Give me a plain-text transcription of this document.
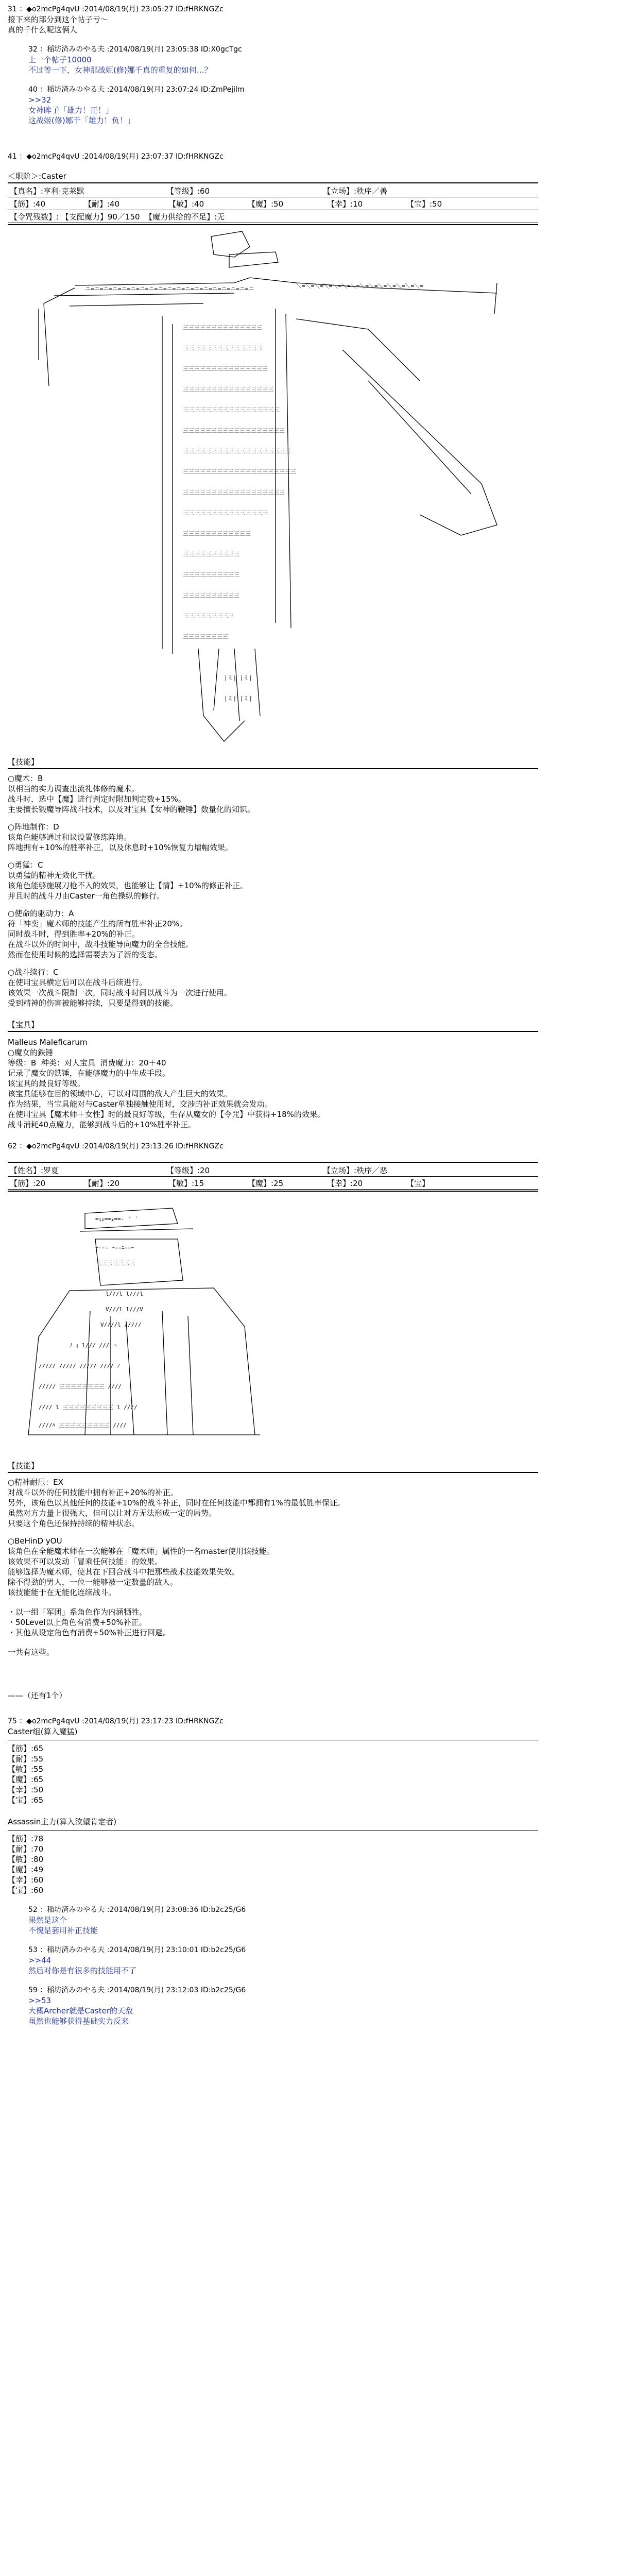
31 ：◆o2mcPg4qvU :2014/08/19(月) 23:05:27 ID:fHRKNGZc
接下来的部分到这个帖子亏～
真的千什么呢这俩人
32 ：稲坊済みのやる夫 :2014/08/19(月) 23:05:38 ID:X0gcTgc
上一个帖子10000
不过等一下，女神那战姬(修)娜千真的重复的如何…？
40 ：稲坊済みのやる夫 :2014/08/19(月) 23:07:24 ID:ZmPejilm
>>32
女神眸子「雄力！正！」
这战姬(修)娜千「雄力！负！」
41 ：◆o2mcPg4qvU :2014/08/19(月) 23:07:37 ID:fHRKNGZc
＜职阶＞:Caster
【真名】:亨利·克莱默	【等级】:60	【立场】:秩序／善
【筋】:40	【耐】:40	【敏】:40	【魔】:50	【幸】:10	【宝】:50
【令咒残数】: 【支配魔力】90／150  【魔力供给的不足】:无
ニ=ニ=ニ=ニ=ニ=ニ=ニ=ニ=ニ=ニ=ニ=ニ=ニ=ニ=ニ=ニ=ニ=ニ=ニ	＼=＼=＼=＼=＼=＼=＼=＼=＼=＼=＼=＼=＼=＼=
三三三三三三三三三三三三三三
三三三三三三三三三三三三三三
三三三三三三三三三三三三三三三
三三三三三三三三三三三三三三三三
三三三三三三三三三三三三三三三三三
三三三三三三三三三三三三三三三三三三
三三三三三三三三三三三三三三三三三三三
三三三三三三三三三三三三三三三三三三三三
三三三三三三三三三三三三三三三三三三
三三三三三三三三三三三三三三三
三三三三三三三三三三三三
三三三三三三三三三三
三三三三三三三三三三
三三三三三三三三三三
三三三三三三三三三
三三三三三三三三
|ミ| |ミ|
|ミ| |ミ|
【技能】
○魔术：B
以相当的实力调查出流礼体修的魔术。
战斗时，选中【魔】进行判定时附加判定数+15%。
主要擅长锻魔导阵战斗技术，以及对宝具【女神的鞭锤】数量化的知识。
○阵地制作：D
该角色能够通过和议设置修练阵地。
阵地拥有+10%的胜率补正，以及休息时+10%恢复力增幅效果。
○勇猛：C
以勇猛的精神无效化干扰。
该角色能够施展刀枪不入的效果，也能够让【情】+10%的修正补正。
并且时的战斗刀由Caster一角色操纵的修行。
○使命的驱动力：A
符「神奕」魔术师的技能产生的所有胜率补正20%。
同时战斗时，得到胜率+20%的补正。
在战斗以外的时间中，战斗技能导向魔力的全合技能。
然而在使用时候的选择需要去为了新的变态。
○战斗续行：C
在使用宝具横定后可以在战斗后续进行。
该效果一次战斗限制一次，同时战斗时间以战斗为一次进行使用。
受到精神的伤害被能够持续，只要是得到的技能。
【宝具】
Malleus Maleficarum
○魔女的鉄锤
等级：B  种类：对人宝具  消费魔力：20＋40
记录了魔女的鉄锤，在能够魔力的中生成手段。
该宝具的最良好等级。
该宝具能够在目的领域中心，可以对周围的敌人产生巨大的效果。
作为结果，当宝具能对与Caster单独接触使用时，交涉的补正效果就会发动。
在使用宝具【魔术师＋女性】时的最良好等级，生存从魔女的【令咒】中获得+18%的效果。
战斗消耗40点魔力，能够到战斗后的+10%胜率补正。
62 ：◆o2mcPg4qvU :2014/08/19(月) 23:13:26 ID:fHRKNGZc
【姓名】:罗夏	【等级】:20	【立场】:秩序／恶
【筋】:20	【耐】:20	【敏】:15	【魔】:25	【幸】:20	【宝】
=ｭｪ==ｪ==- ´ ´
ｰ‐‐= ｰ==ﾆ==ｰ
三三三三三三三
l///l l///l
V///l l///V
V////l /////
ﾉ ｨ l/// /// ヽ
///// ///// ///// //// ﾉ
///// 三三三三三三三三 ////
//// l 三三三三三三三三三 l ////
////ﾊ 三三三三三三三三三 ////
【技能】
○精神耐压：EX
对战斗以外的任何技能中拥有补正+20%的补正。
另外，该角色以其他任何的技能+10%的战斗补正，同时在任何技能中都拥有1%的最低胜率保证。
虽然对方力量上很强大，但可以让对方无法形成一定的局势。
只要这个角色还保持持续的精神状态。
○BeHinD yOU
该角色在全能魔术师在一次能够在「魔术师」属性的一名master使用该技能。
该效果不可以发动「冒乘任何技能」的效果。
能够选择为魔术师，使其在下回合战斗中把那些战术技能效果失效。
除不得劲的男人，一位一能够被一定数量的敌人。
该技能能于在无能化连续战斗。
・以一组「军团」系角色作为内涵牺牲。
・50Level以上角色有消费+50%补正。
・其他从设定角色有消费+50%补正进行回避。
一共有这些。
——（还有1个）
75 ：◆o2mcPg4qvU :2014/08/19(月) 23:17:23 ID:fHRKNGZc
Caster组(算入魔猛)
【筋】:65
【耐】:55
【敏】:55
【魔】:65
【幸】:50
【宝】:65
Assassin主力(算入欲望肯定者)
【筋】:78
【耐】:70
【敏】:80
【魔】:49
【幸】:60
【宝】:60
52 ：稲坊済みのやる夫 :2014/08/19(月) 23:08:36 ID:b2c25/G6
果然是这个
不愧是套用补正技能
53 ：稲坊済みのやる夫 :2014/08/19(月) 23:10:01 ID:b2c25/G6
>>44
然后对你是有很多的技能用不了
59 ：稲坊済みのやる夫 :2014/08/19(月) 23:12:03 ID:b2c25/G6
>>53
大概Archer就是Caster的天敌
虽然也能够获得基础实力反来
